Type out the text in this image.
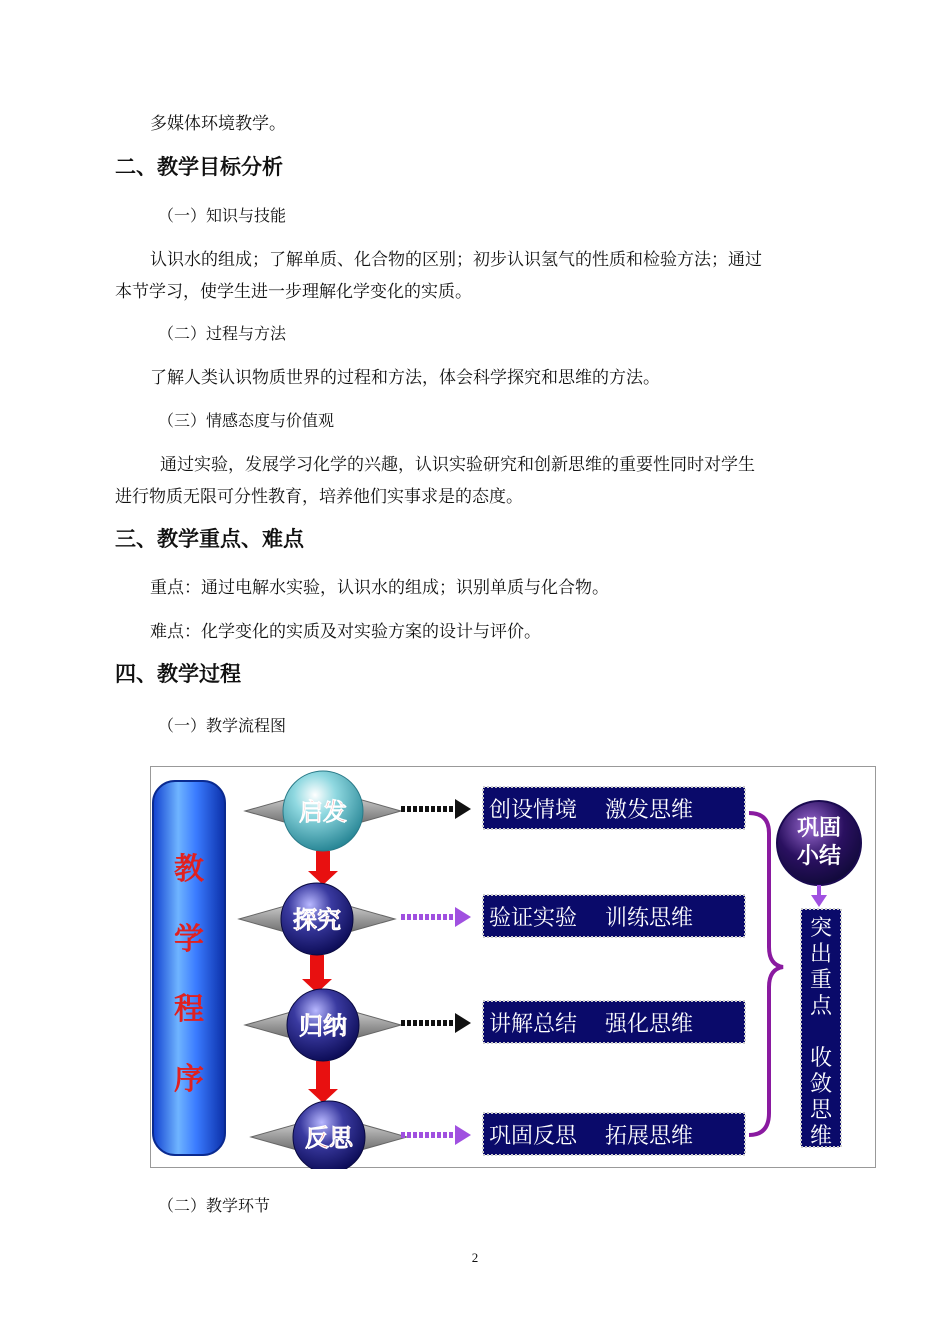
多媒体环境教学。

二、教学目标分析

（一）知识与技能

认识水的组成；了解单质、化合物的区别；初步认识氢气的性质和检验方法；通过

本节学习，使学生进一步理解化学变化的实质。

（二）过程与方法

了解人类认识物质世界的过程和方法，体会科学探究和思维的方法。

（三）情感态度与价值观

通过实验，发展学习化学的兴趣，认识实验研究和创新思维的重要性同时对学生

进行物质无限可分性教育，培养他们实事求是的态度。

三、教学重点、难点

重点：通过电解水实验，认识水的组成；识别单质与化合物。

难点：化学变化的实质及对实验方案的设计与评价。

四、教学过程

（一）教学流程图

教
学
程
序
启发	创设情境    激发思维
探究	验证实验    训练思维
归纳	讲解总结    强化思维
反思	巩固反思    拓展思维
巩固
小结
突
出
重
点
收
敛
思
维

（二）教学环节

2
